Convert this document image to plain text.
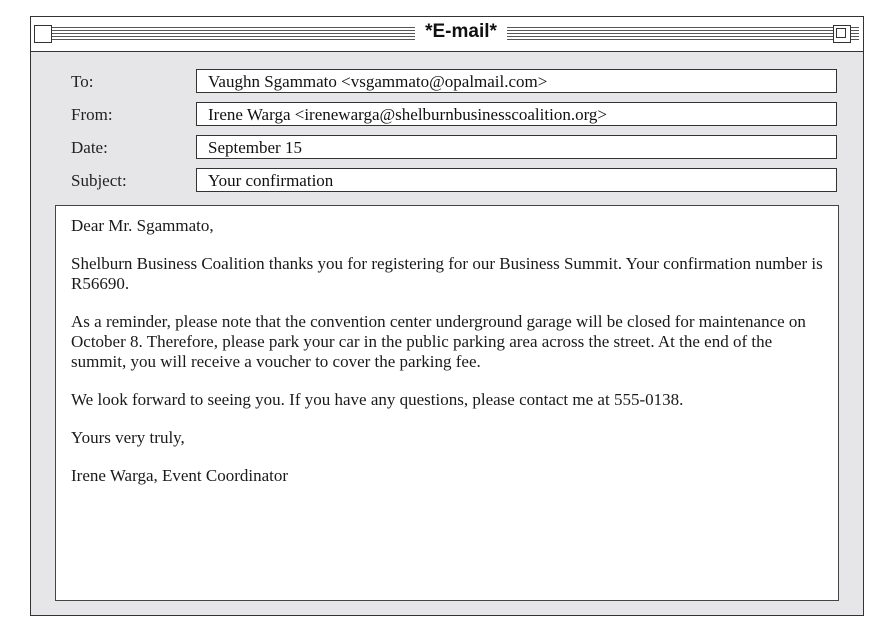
*E-mail*
To:	Vaughn Sgammato <vsgammato@opalmail.com>
From:	Irene Warga <irenewarga@shelburnbusinesscoalition.org>
Date:	September 15
Subject:	Your confirmation

Dear Mr. Sgammato,

Shelburn Business Coalition thanks you for registering for our Business Summit. Your confirmation number is R56690.

As a reminder, please note that the convention center underground garage will be closed for maintenance on October 8. Therefore, please park your car in the public parking area across the street. At the end of the summit, you will receive a voucher to cover the parking fee.

We look forward to seeing you. If you have any questions, please contact me at 555-0138.

Yours very truly,

Irene Warga, Event Coordinator
